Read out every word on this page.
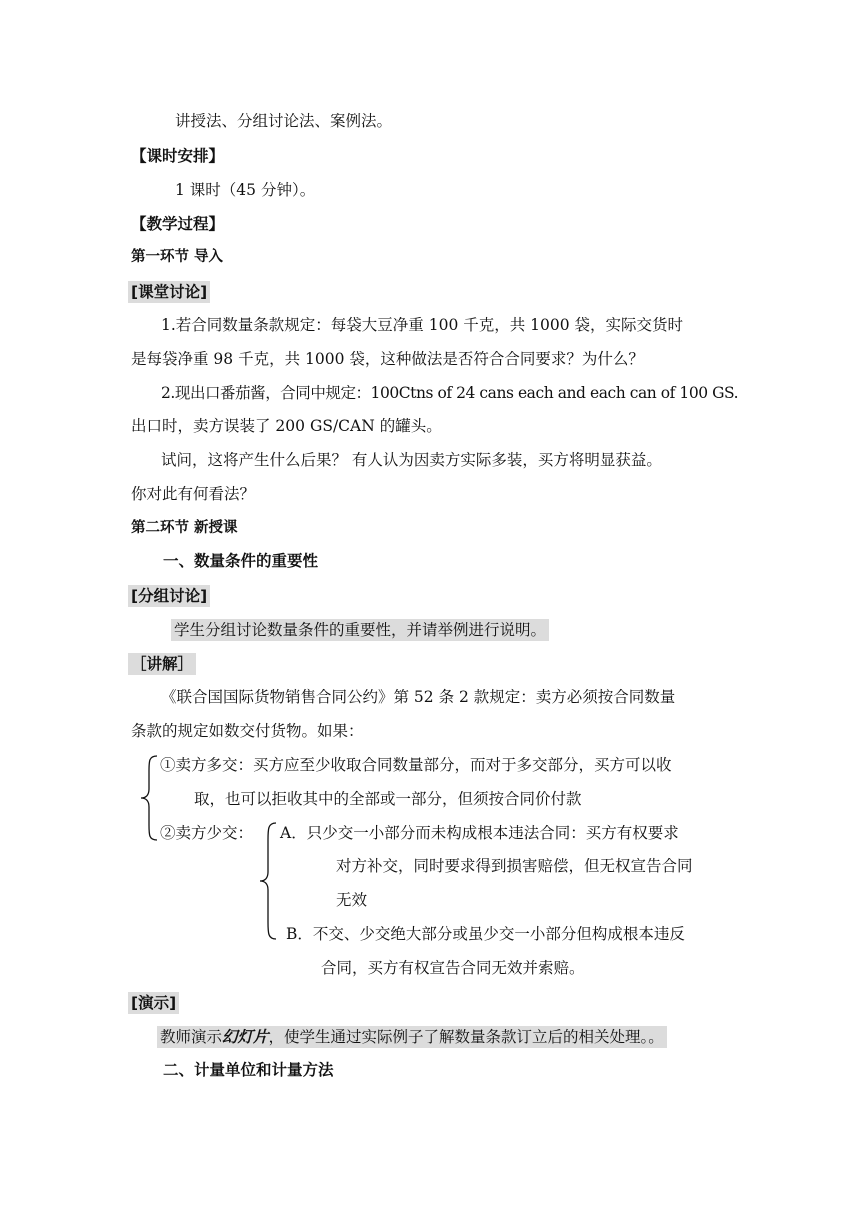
讲授法、分组讨论法、案例法。
【课时安排】
1 课时（45 分钟）。
【教学过程】
第一环节 导入
[课堂讨论]
1.若合同数量条款规定：每袋大豆净重 100 千克，共 1000 袋，实际交货时
是每袋净重 98 千克，共 1000 袋，这种做法是否符合合同要求？为什么？
2.现出口番茄酱，合同中规定：100Ctns of 24 cans each and each can of 100 GS.
出口时，卖方误装了 200 GS/CAN 的罐头。
试问，这将产生什么后果？ 有人认为因卖方实际多装，买方将明显获益。
你对此有何看法？
第二环节 新授课
一、数量条件的重要性
[分组讨论]
学生分组讨论数量条件的重要性，并请举例进行说明。
［讲解］
《联合国国际货物销售合同公约》第 52 条 2 款规定：卖方必须按合同数量
条款的规定如数交付货物。如果：
①卖方多交：买方应至少收取合同数量部分，而对于多交部分，买方可以收
取，也可以拒收其中的全部或一部分，但须按合同价付款
②卖方少交： A．只少交一小部分而未构成根本违法合同：买方有权要求
对方补交，同时要求得到损害赔偿，但无权宣告合同
无效
B．不交、少交绝大部分或虽少交一小部分但构成根本违反
合同，买方有权宣告合同无效并索赔。
[演示]
教师演示幻灯片，使学生通过实际例子了解数量条款订立后的相关处理。。
二、计量单位和计量方法
